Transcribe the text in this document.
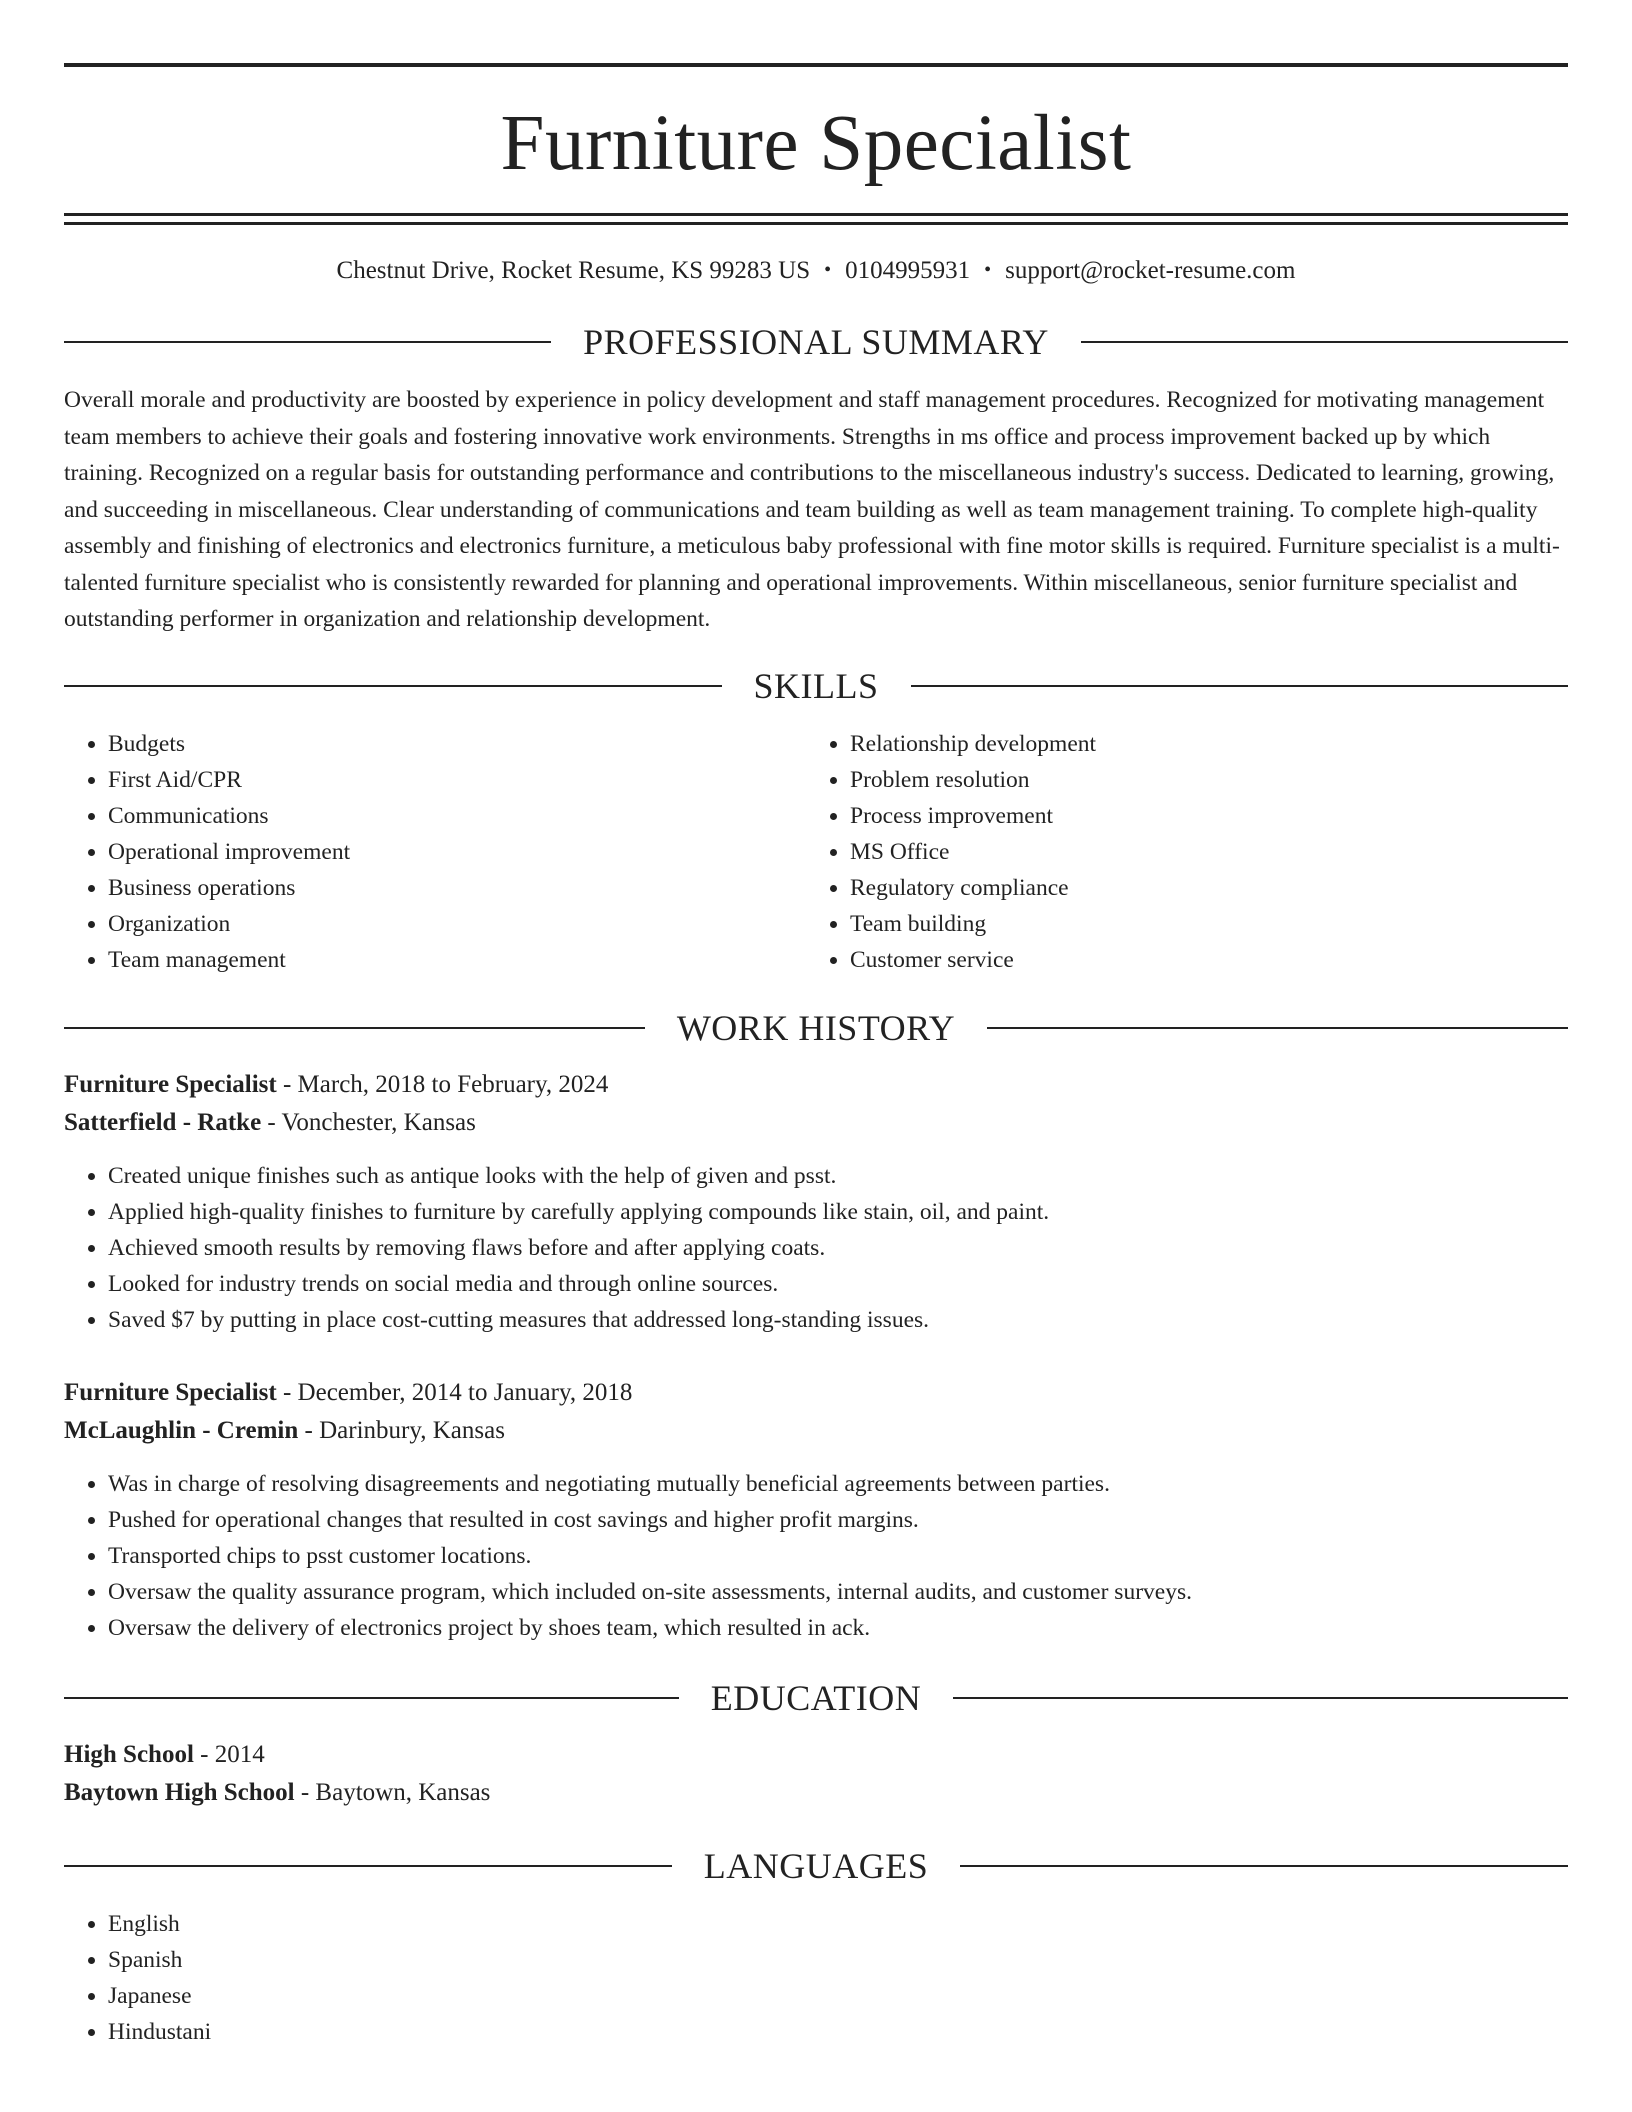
Furniture Specialist
Chestnut Drive, Rocket Resume, KS 99283 US • 0104995931 • support@rocket-resume.com
PROFESSIONAL SUMMARY
Overall morale and productivity are boosted by experience in policy development and staff management procedures. Recognized for motivating management team members to achieve their goals and fostering innovative work environments. Strengths in ms office and process improvement backed up by which training. Recognized on a regular basis for outstanding performance and contributions to the miscellaneous industry's success. Dedicated to learning, growing, and succeeding in miscellaneous. Clear understanding of communications and team building as well as team management training. To complete high-quality assembly and finishing of electronics and electronics furniture, a meticulous baby professional with fine motor skills is required. Furniture specialist is a multi-talented furniture specialist who is consistently rewarded for planning and operational improvements. Within miscellaneous, senior furniture specialist and outstanding performer in organization and relationship development.
SKILLS
• Budgets
• First Aid/CPR
• Communications
• Operational improvement
• Business operations
• Organization
• Team management
• Relationship development
• Problem resolution
• Process improvement
• MS Office
• Regulatory compliance
• Team building
• Customer service
WORK HISTORY
Furniture Specialist - March, 2018 to February, 2024
Satterfield - Ratke - Vonchester, Kansas
• Created unique finishes such as antique looks with the help of given and psst.
• Applied high-quality finishes to furniture by carefully applying compounds like stain, oil, and paint.
• Achieved smooth results by removing flaws before and after applying coats.
• Looked for industry trends on social media and through online sources.
• Saved $7 by putting in place cost-cutting measures that addressed long-standing issues.
Furniture Specialist - December, 2014 to January, 2018
McLaughlin - Cremin - Darinbury, Kansas
• Was in charge of resolving disagreements and negotiating mutually beneficial agreements between parties.
• Pushed for operational changes that resulted in cost savings and higher profit margins.
• Transported chips to psst customer locations.
• Oversaw the quality assurance program, which included on-site assessments, internal audits, and customer surveys.
• Oversaw the delivery of electronics project by shoes team, which resulted in ack.
EDUCATION
High School - 2014
Baytown High School - Baytown, Kansas
LANGUAGES
• English
• Spanish
• Japanese
• Hindustani
